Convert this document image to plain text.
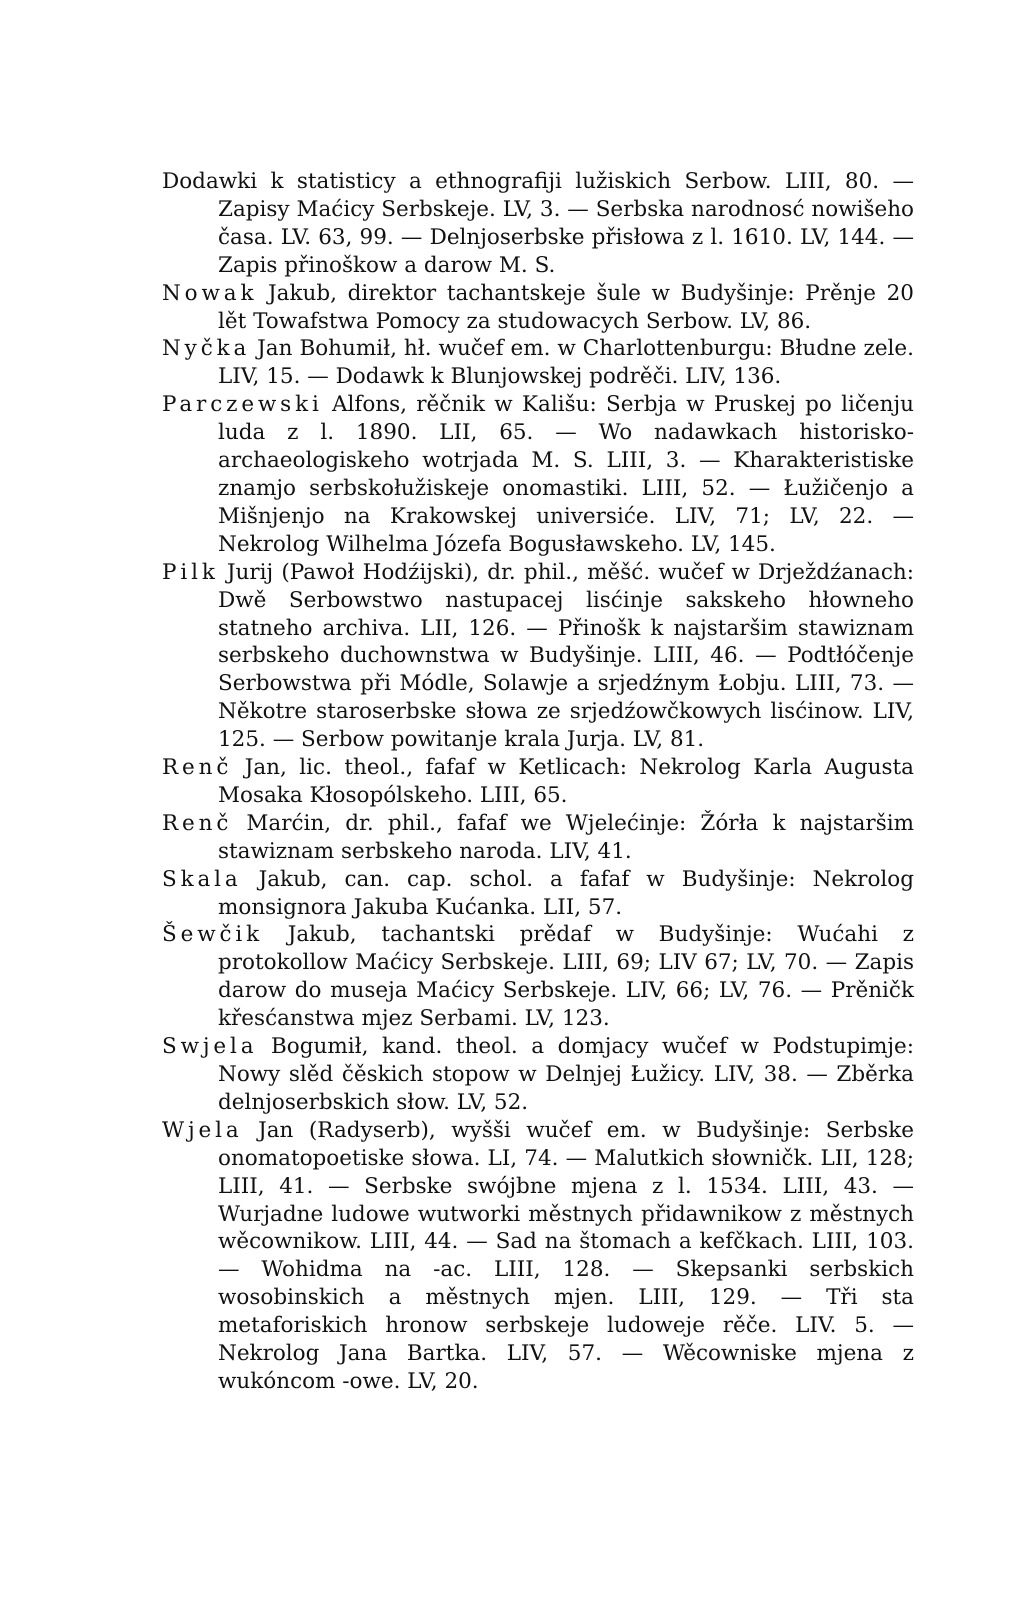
Dodawki k statisticy a ethnografiji lužiskich Serbow. LIII, 80. — Zapisy Maćicy Serbskeje. LV, 3. — Serbska narodnosć nowišeho časa. LV. 63, 99. — Delnjoserbske přisłowa z l. 1610. LV, 144. — Zapis přinoškow a darow M. S.

Nowak Jakub, direktor tachantskeje šule w Budyšinje: Prěnje 20 lět Towafstwa Pomocy za studowacych Serbow. LV, 86.

Nyčka Jan Bohumił, hł. wučef em. w Charlottenburgu: Błudne zele. LIV, 15. — Dodawk k Blunjowskej podrěči. LIV, 136.

Parczewski Alfons, rěčnik w Kališu: Serbja w Pruskej po ličenju luda z l. 1890. LII, 65. — Wo nadawkach historisko-archaeologiskeho wotrjada M. S. LIII, 3. — Kharakteristiske znamjo serbskołužiskeje onomastiki. LIII, 52. — Łužičenjo a Mišnjenjo na Krakowskej universiće. LIV, 71; LV, 22. — Nekrolog Wilhelma Józefa Bogusławskeho. LV, 145.

Pilk Jurij (Pawoł Hodźijski), dr. phil., měšć. wučef w Drježdźanach: Dwě Serbowstwo nastupacej lisćinje sakskeho hłowneho statneho archiva. LII, 126. — Přinošk k najstaršim stawiznam serbskeho duchownstwa w Budyšinje. LIII, 46. — Podtłóčenje Serbowstwa při Módle, Solawje a srjedźnym Łobju. LIII, 73. — Někotre staroserbske słowa ze srjedźowčkowych lisćinow. LIV, 125. — Serbow powitanje krala Jurja. LV, 81.

Renč Jan, lic. theol., fafaf w Ketlicach: Nekrolog Karla Augusta Mosaka Kłosopólskeho. LIII, 65.

Renč Marćin, dr. phil., fafaf we Wjelećinje: Žórła k najstaršim stawiznam serbskeho naroda. LIV, 41.

Skala Jakub, can. cap. schol. a fafaf w Budyšinje: Nekrolog monsignora Jakuba Kućanka. LII, 57.

Šewčik Jakub, tachantski prědaf w Budyšinje: Wućahi z protokollow Maćicy Serbskeje. LIII, 69; LIV 67; LV, 70. — Zapis darow do museja Maćicy Serbskeje. LIV, 66; LV, 76. — Prěničk křesćanstwa mjez Serbami. LV, 123.

Swjela Bogumił, kand. theol. a domjacy wučef w Podstupimje: Nowy slěd čěskich stopow w Delnjej Łužicy. LIV, 38. — Zběrka delnjoserbskich słow. LV, 52.

Wjela Jan (Radyserb), wyšši wučef em. w Budyšinje: Serbske onomatopoetiske słowa. LI, 74. — Malutkich słowničk. LII, 128; LIII, 41. — Serbske swójbne mjena z l. 1534. LIII, 43. — Wurjadne ludowe wutworki městnych přidawnikow z městnych wěcownikow. LIII, 44. — Sad na štomach a kefčkach. LIII, 103. — Wohidma na -ac. LIII, 128. — Skepsanki serbskich wosobinskich a městnych mjen. LIII, 129. — Tři sta metaforiskich hronow serbskeje ludoweje rěče. LIV. 5. — Nekrolog Jana Bartka. LIV, 57. — Wěcowniske mjena z wukóncom -owe. LV, 20.
